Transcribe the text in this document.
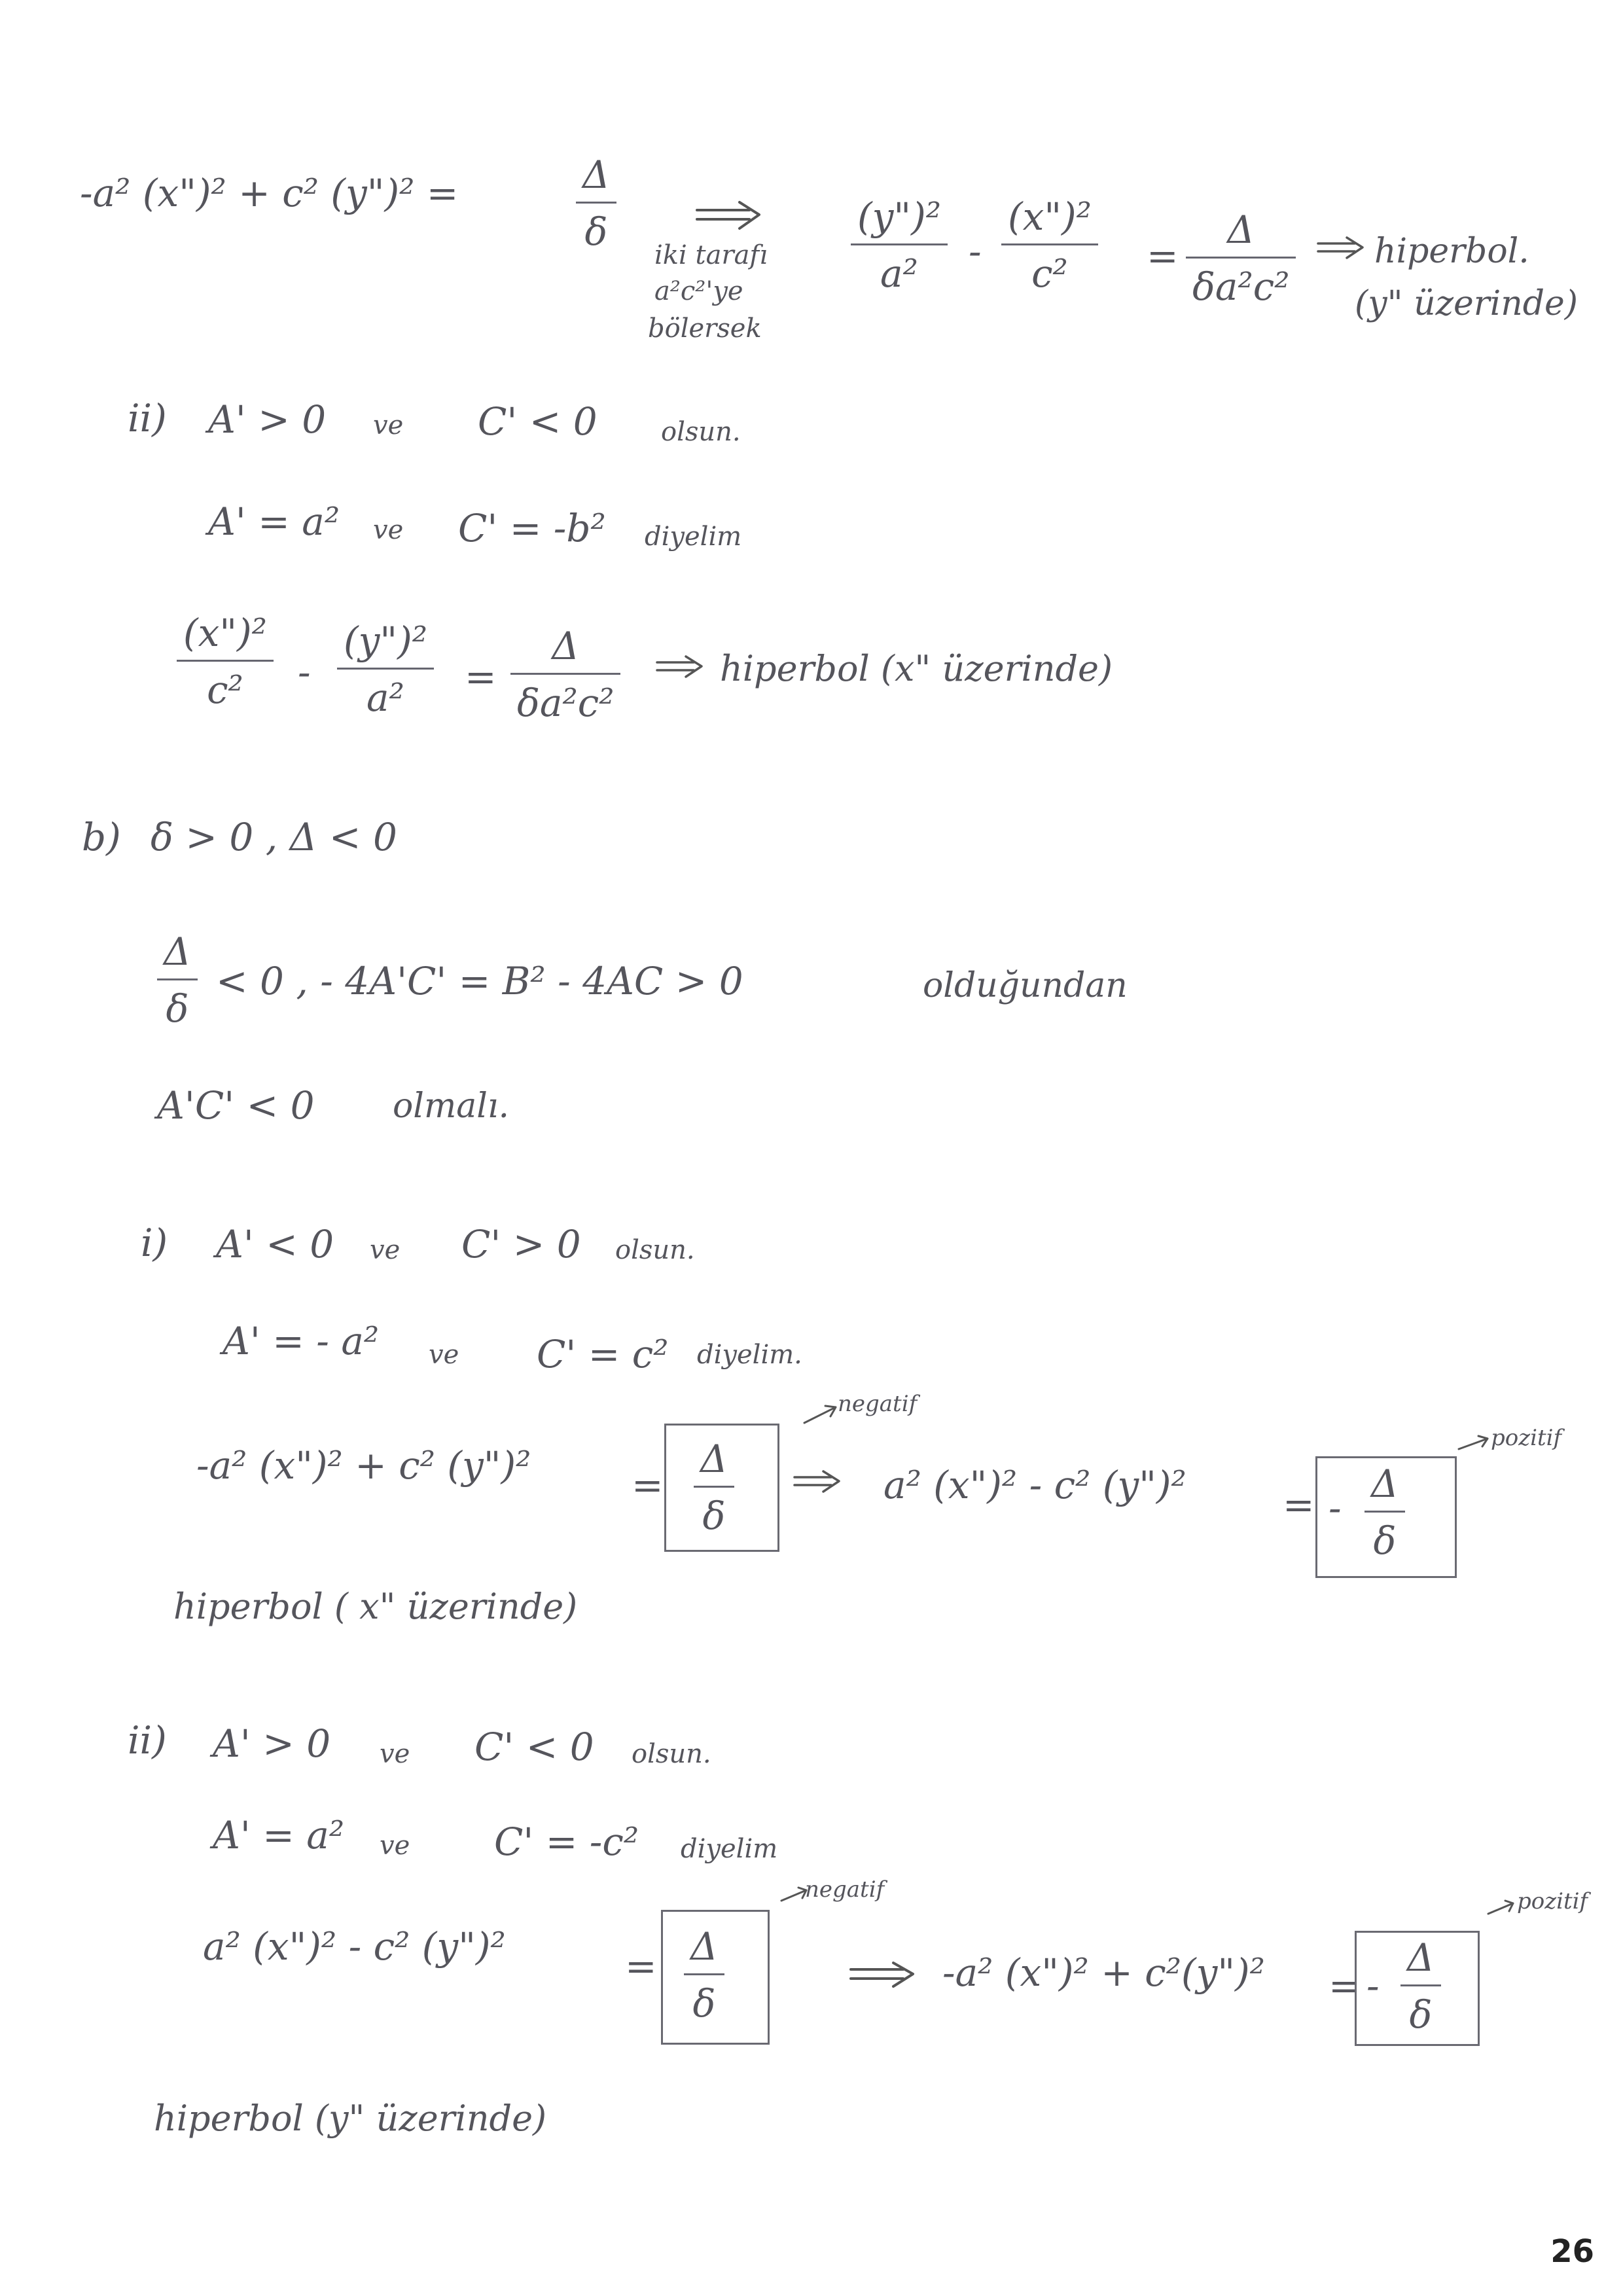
-a² (x")² + c² (y")² =	Δ
δ
iki tarafı
a²c²'ye
bölersek
(y")²
a² -
(x")²
c² =
Δ
δa²c²
hiperbol.
(y" üzerinde)
ii) A' > 0 ve C' < 0 olsun.
A' = a² ve C' = -b² diyelim
(x")²
c² -
(y")²
a² =
Δ
δa²c²
hiperbol (x" üzerinde)
b) δ > 0 , Δ < 0
Δ
δ
< 0 , - 4A'C' = B² - 4AC > 0	olduğundan
A'C' < 0 olmalı.
i) A' < 0 ve C' > 0 olsun.
A' = - a² ve C' = c² diyelim.
-a² (x")² + c² (y")²	=
Δ
δ
negatif
a² (x")² - c² (y")²	= -
Δ
δ
pozitif
hiperbol ( x" üzerinde)
ii) A' > 0 ve C' < 0 olsun.
A' = a² ve C' = -c² diyelim
a² (x")² - c² (y")²	= Δ
δ
negatif
-a² (x")² + c²(y")² = -
Δ
δ
pozitif
hiperbol (y" üzerinde)
26
